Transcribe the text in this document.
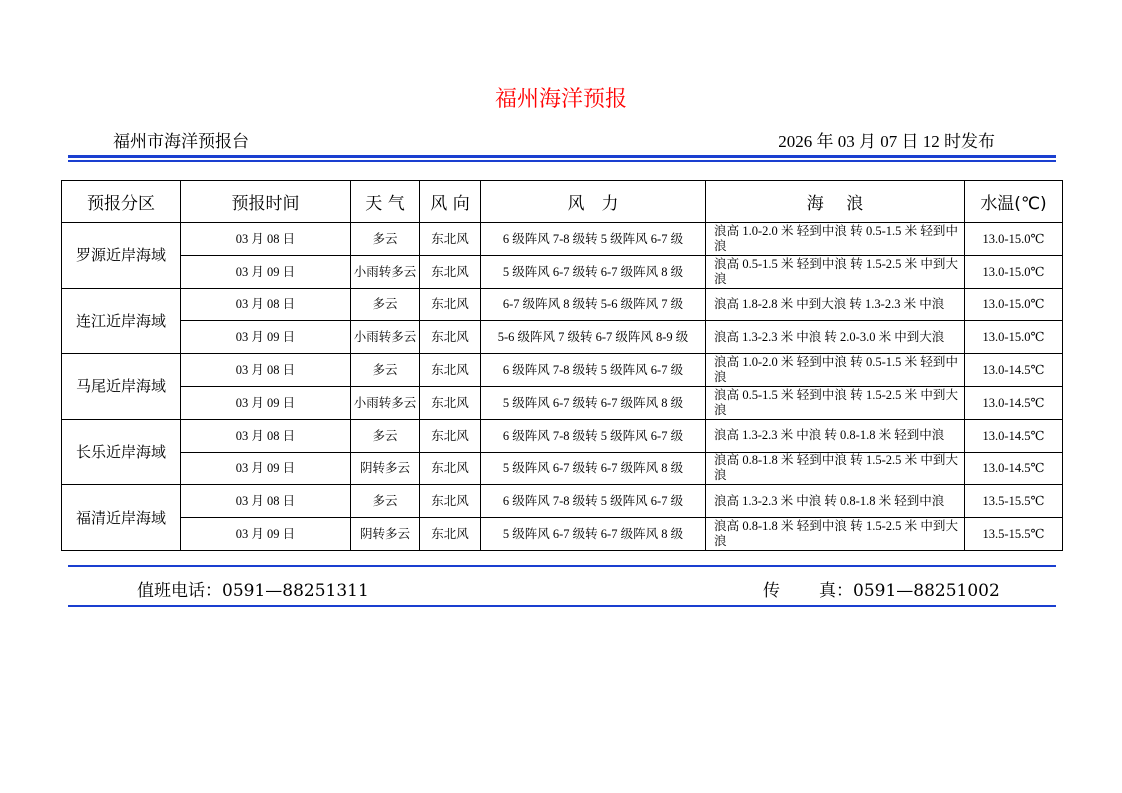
福州海洋预报
福州市海洋预报台	2026 年 03 月 07 日 12 时发布
预报分区	预报时间	天 气	风 向	风　力	海　 浪	水温(℃)
罗源近岸海域	03 月 08 日	多云	东北风	6 级阵风 7-8 级转 5 级阵风 6-7 级	浪高 1.0-2.0 米 轻到中浪 转 0.5-1.5 米 轻到中浪	13.0-15.0℃
	03 月 09 日	小雨转多云	东北风	5 级阵风 6-7 级转 6-7 级阵风 8 级	浪高 0.5-1.5 米 轻到中浪 转 1.5-2.5 米 中到大浪	13.0-15.0℃
连江近岸海域	03 月 08 日	多云	东北风	6-7 级阵风 8 级转 5-6 级阵风 7 级	浪高 1.8-2.8 米 中到大浪 转 1.3-2.3 米 中浪	13.0-15.0℃
	03 月 09 日	小雨转多云	东北风	5-6 级阵风 7 级转 6-7 级阵风 8-9 级	浪高 1.3-2.3 米 中浪 转 2.0-3.0 米 中到大浪	13.0-15.0℃
马尾近岸海域	03 月 08 日	多云	东北风	6 级阵风 7-8 级转 5 级阵风 6-7 级	浪高 1.0-2.0 米 轻到中浪 转 0.5-1.5 米 轻到中浪	13.0-14.5℃
	03 月 09 日	小雨转多云	东北风	5 级阵风 6-7 级转 6-7 级阵风 8 级	浪高 0.5-1.5 米 轻到中浪 转 1.5-2.5 米 中到大浪	13.0-14.5℃
长乐近岸海域	03 月 08 日	多云	东北风	6 级阵风 7-8 级转 5 级阵风 6-7 级	浪高 1.3-2.3 米 中浪 转 0.8-1.8 米 轻到中浪	13.0-14.5℃
	03 月 09 日	阴转多云	东北风	5 级阵风 6-7 级转 6-7 级阵风 8 级	浪高 0.8-1.8 米 轻到中浪 转 1.5-2.5 米 中到大浪	13.0-14.5℃
福清近岸海域	03 月 08 日	多云	东北风	6 级阵风 7-8 级转 5 级阵风 6-7 级	浪高 1.3-2.3 米 中浪 转 0.8-1.8 米 轻到中浪	13.5-15.5℃
	03 月 09 日	阴转多云	东北风	5 级阵风 6-7 级转 6-7 级阵风 8 级	浪高 0.8-1.8 米 轻到中浪 转 1.5-2.5 米 中到大浪	13.5-15.5℃
值班电话：0591—88251311	传 真：0591—88251002
